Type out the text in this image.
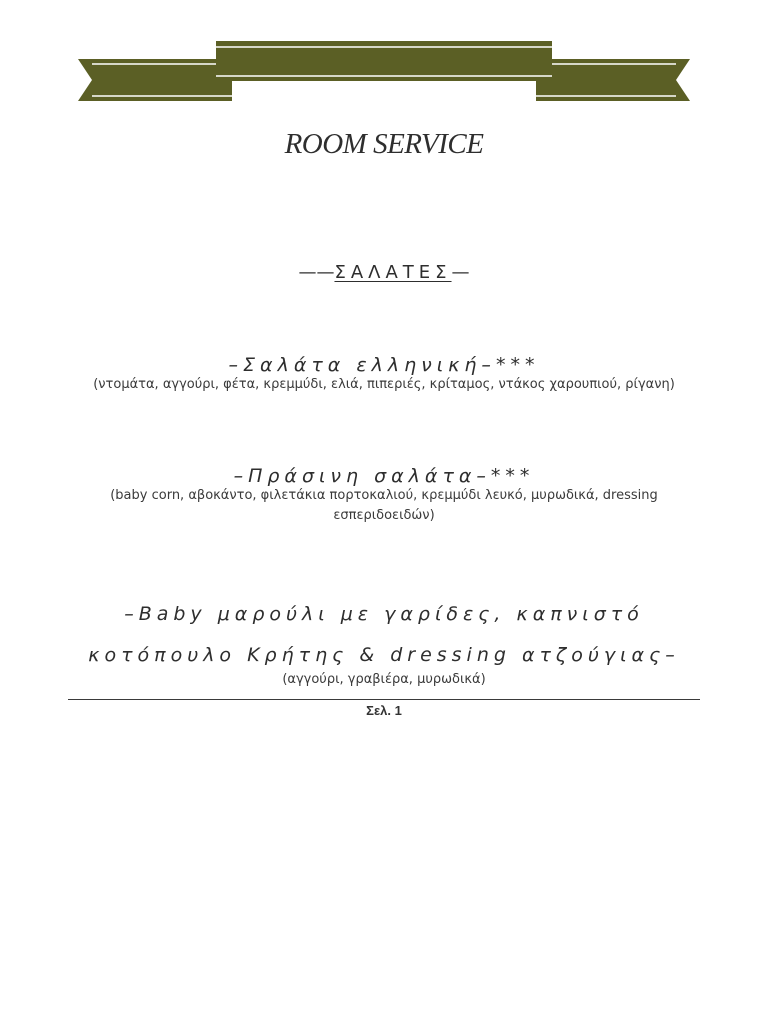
ROOM SERVICE
——ΣΑΛΑΤΕΣ—
–Σαλάτα ελληνική–***
(ντομάτα, αγγούρι, φέτα, κρεμμύδι, ελιά, πιπεριές, κρίταμος, ντάκος χαρουπιού, ρίγανη)
–Πράσινη σαλάτα–***
(baby corn, αβοκάντο, φιλετάκια πορτοκαλιού, κρεμμύδι λευκό, μυρωδικά, dressing εσπεριδοειδών)
–Baby μαρούλι με γαρίδες, καπνιστό
κοτόπουλο Κρήτης & dressing ατζούγιας–
(αγγούρι, γραβιέρα, μυρωδικά)
Σελ. 1
